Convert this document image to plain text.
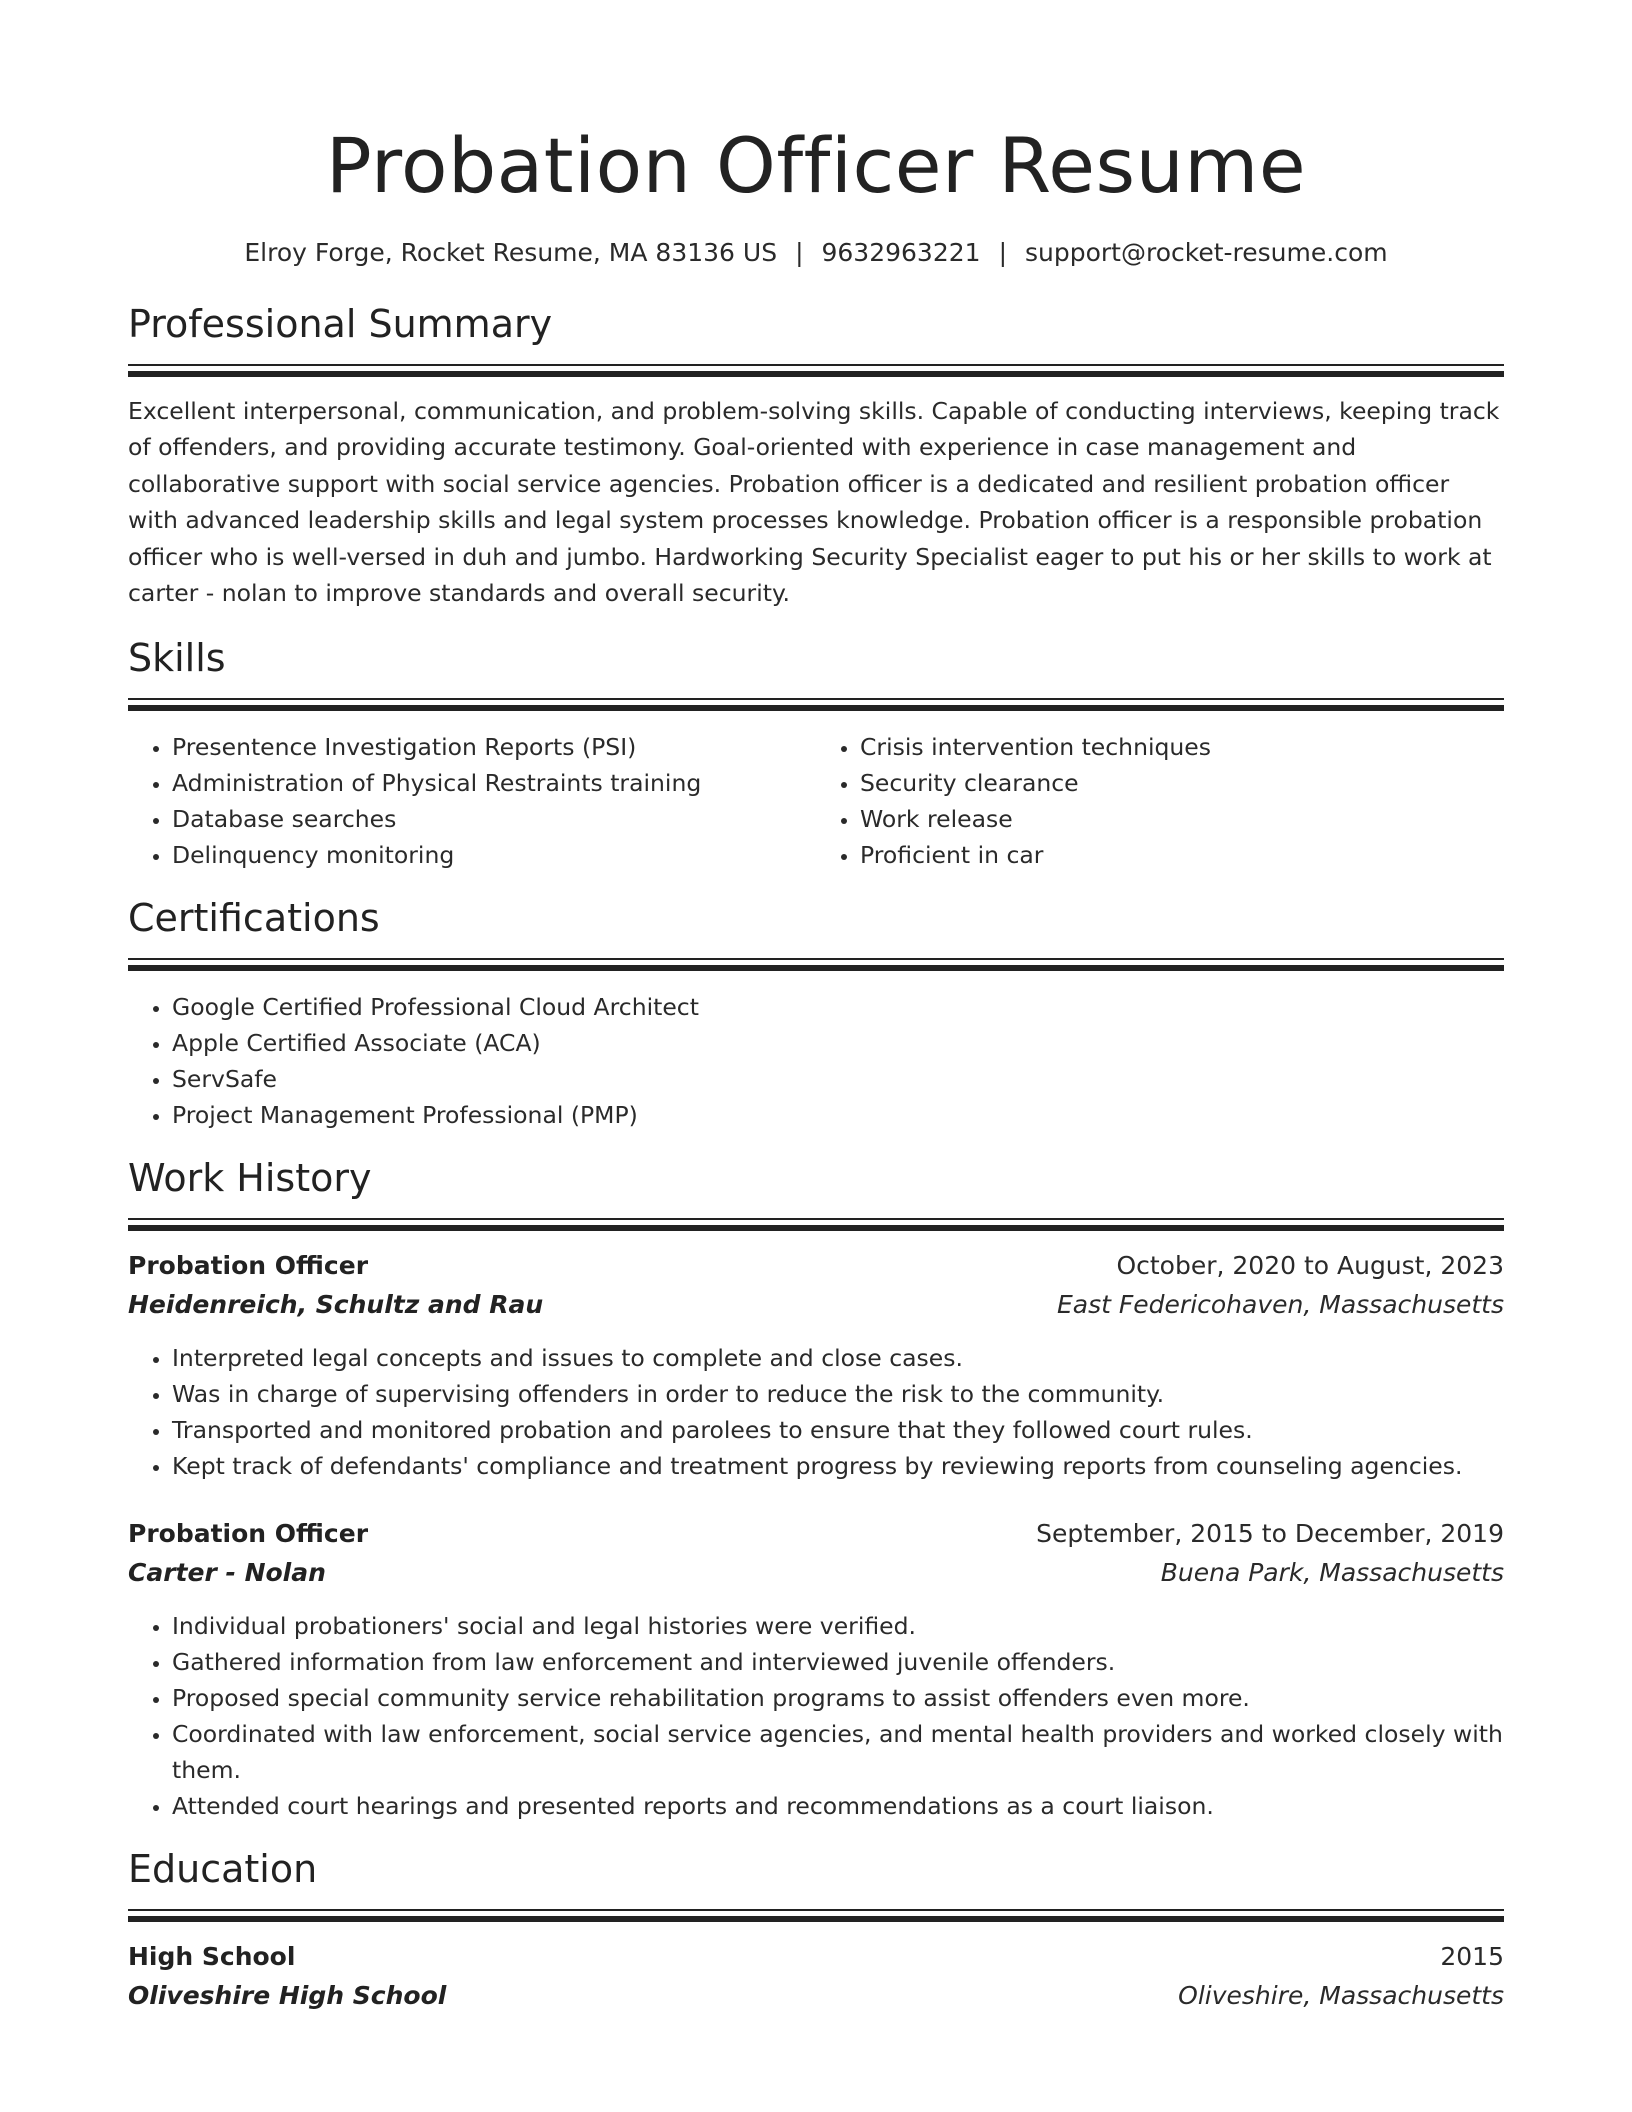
Probation Officer Resume
Elroy Forge, Rocket Resume, MA 83136 US | 9632963221 | support@rocket-resume.com
Professional Summary

Excellent interpersonal, communication, and problem-solving skills. Capable of conducting interviews, keeping track of offenders, and providing accurate testimony. Goal-oriented with experience in case management and collaborative support with social service agencies. Probation officer is a dedicated and resilient probation officer with advanced leadership skills and legal system processes knowledge. Probation officer is a responsible probation officer who is well-versed in duh and jumbo. Hardworking Security Specialist eager to put his or her skills to work at carter - nolan to improve standards and overall security.

Skills
• Presentence Investigation Reports (PSI)
• Administration of Physical Restraints training
• Database searches
• Delinquency monitoring
• Crisis intervention techniques
• Security clearance
• Work release
• Proficient in car
Certifications
• Google Certified Professional Cloud Architect
• Apple Certified Associate (ACA)
• ServSafe
• Project Management Professional (PMP)
Work History
Probation Officer	October, 2020 to August, 2023
Heidenreich, Schultz and Rau	East Federicohaven, Massachusetts
• Interpreted legal concepts and issues to complete and close cases.
• Was in charge of supervising offenders in order to reduce the risk to the community.
• Transported and monitored probation and parolees to ensure that they followed court rules.
• Kept track of defendants' compliance and treatment progress by reviewing reports from counseling agencies.
Probation Officer	September, 2015 to December, 2019
Carter - Nolan	Buena Park, Massachusetts
• Individual probationers' social and legal histories were verified.
• Gathered information from law enforcement and interviewed juvenile offenders.
• Proposed special community service rehabilitation programs to assist offenders even more.
• Coordinated with law enforcement, social service agencies, and mental health providers and worked closely with them.
• Attended court hearings and presented reports and recommendations as a court liaison.
Education
High School	2015
Oliveshire High School	Oliveshire, Massachusetts
